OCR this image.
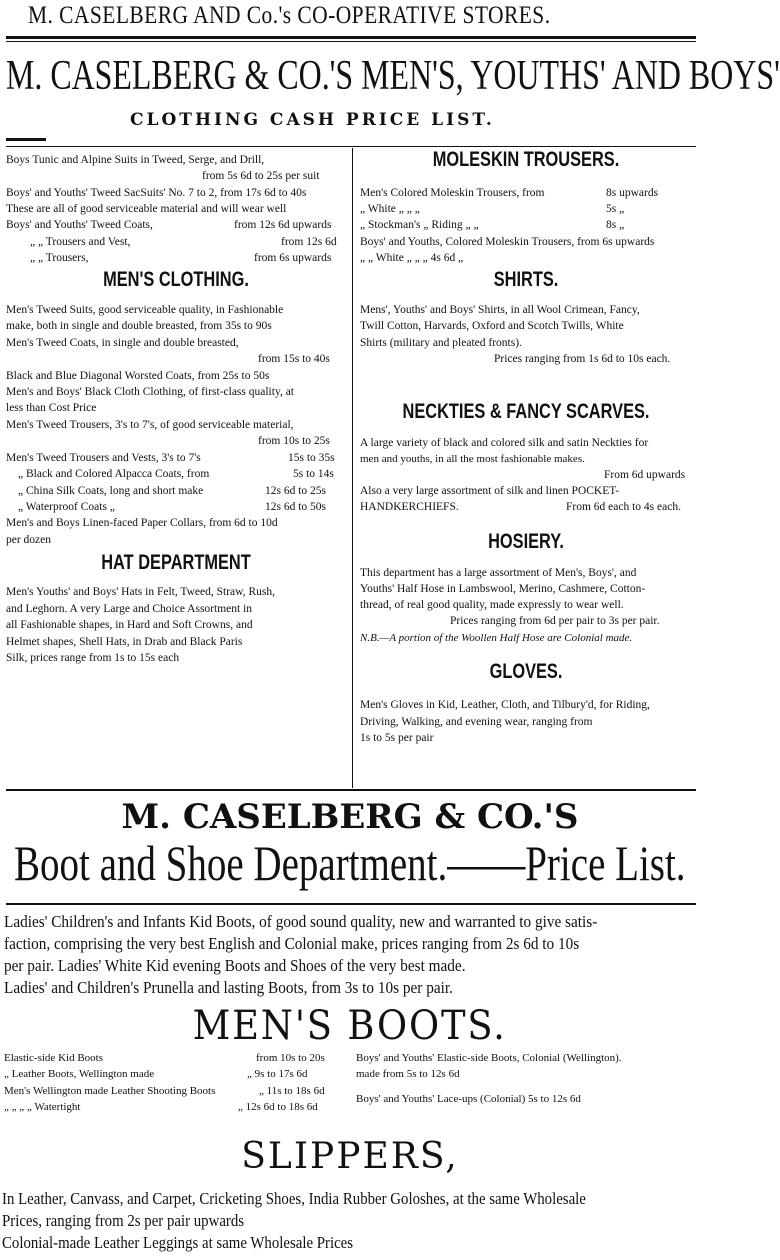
M. CASELBERG AND Co.'s CO-OPERATIVE STORES.
M. CASELBERG & CO.'S MEN'S, YOUTHS' AND BOYS'
CLOTHING CASH PRICE LIST.
Boys Tunic and Alpine Suits in Tweed, Serge, and Drill,
from 5s 6d to 25s per suit
Boys' and Youths' Tweed SacSuits' No. 7 to 2, from 17s 6d to 40s
These are all of good serviceable material and will wear well
Boys' and Youths' Tweed Coats,	from 12s 6d upwards
„ „ Trousers and Vest,	from 12s 6d
„ „ Trousers,	from 6s upwards
MEN'S CLOTHING.
Men's Tweed Suits, good serviceable quality, in Fashionable
make, both in single and double breasted, from 35s to 90s
Men's Tweed Coats, in single and double breasted,
from 15s to 40s
Black and Blue Diagonal Worsted Coats, from 25s to 50s
Men's and Boys' Black Cloth Clothing, of first-class quality, at
less than Cost Price
Men's Tweed Trousers, 3's to 7's, of good serviceable material,
from 10s to 25s
Men's Tweed Trousers and Vests, 3's to 7's	15s to 35s
„ Black and Colored Alpacca Coats, from	5s to 14s
„ China Silk Coats, long and short make	12s 6d to 25s
„ Waterproof Coats „	12s 6d to 50s
Men's and Boys Linen-faced Paper Collars, from 6d to 10d
per dozen
HAT DEPARTMENT
Men's Youths' and Boys' Hats in Felt, Tweed, Straw, Rush,
and Leghorn. A very Large and Choice Assortment in
all Fashionable shapes, in Hard and Soft Crowns, and
Helmet shapes, Shell Hats, in Drab and Black Paris
Silk, prices range from 1s to 15s each
MOLESKIN TROUSERS.
Men's Colored Moleskin Trousers, from	8s upwards
„ White „ „ „	5s „
„ Stockman's „ Riding „ „	8s „
Boys' and Youths, Colored Moleskin Trousers, from 6s upwards
„ „ White „ „ „ 4s 6d „
SHIRTS.
Mens', Youths' and Boys' Shirts, in all Wool Crimean, Fancy,
Twill Cotton, Harvards, Oxford and Scotch Twills, White
Shirts (military and pleated fronts).
Prices ranging from 1s 6d to 10s each.
NECKTIES & FANCY SCARVES.
A large variety of black and colored silk and satin Neckties for
men and youths, in all the most fashionable makes.
From 6d upwards
Also a very large assortment of silk and linen POCKET-
HANDKERCHIEFS.	From 6d each to 4s each.
HOSIERY.
This department has a large assortment of Men's, Boys', and
Youths' Half Hose in Lambswool, Merino, Cashmere, Cotton-
thread, of real good quality, made expressly to wear well.
Prices ranging from 6d per pair to 3s per pair.
N.B.—A portion of the Woollen Half Hose are Colonial made.
GLOVES.
Men's Gloves in Kid, Leather, Cloth, and Tilbury'd, for Riding,
Driving, Walking, and evening wear, ranging from
1s to 5s per pair
M. CASELBERG & CO.'S
Boot and Shoe Department.——Price List.
Ladies' Children's and Infants Kid Boots, of good sound quality, new and warranted to give satis-
faction, comprising the very best English and Colonial make, prices ranging from 2s 6d to 10s
per pair. Ladies' White Kid evening Boots and Shoes of the very best made.
Ladies' and Children's Prunella and lasting Boots, from 3s to 10s per pair.
MEN'S BOOTS.
Elastic-side Kid Boots	from 10s to 20s
„ Leather Boots, Wellington made	„ 9s to 17s 6d
Men's Wellington made Leather Shooting Boots	„ 11s to 18s 6d
„ „ „ „ Watertight	„ 12s 6d to 18s 6d
Boys' and Youths' Elastic-side Boots, Colonial (Wellington).
made from 5s to 12s 6d
Boys' and Youths' Lace-ups (Colonial) 5s to 12s 6d
SLIPPERS,
In Leather, Canvass, and Carpet, Cricketing Shoes, India Rubber Goloshes, at the same Wholesale
Prices, ranging from 2s per pair upwards
Colonial-made Leather Leggings at same Wholesale Prices
